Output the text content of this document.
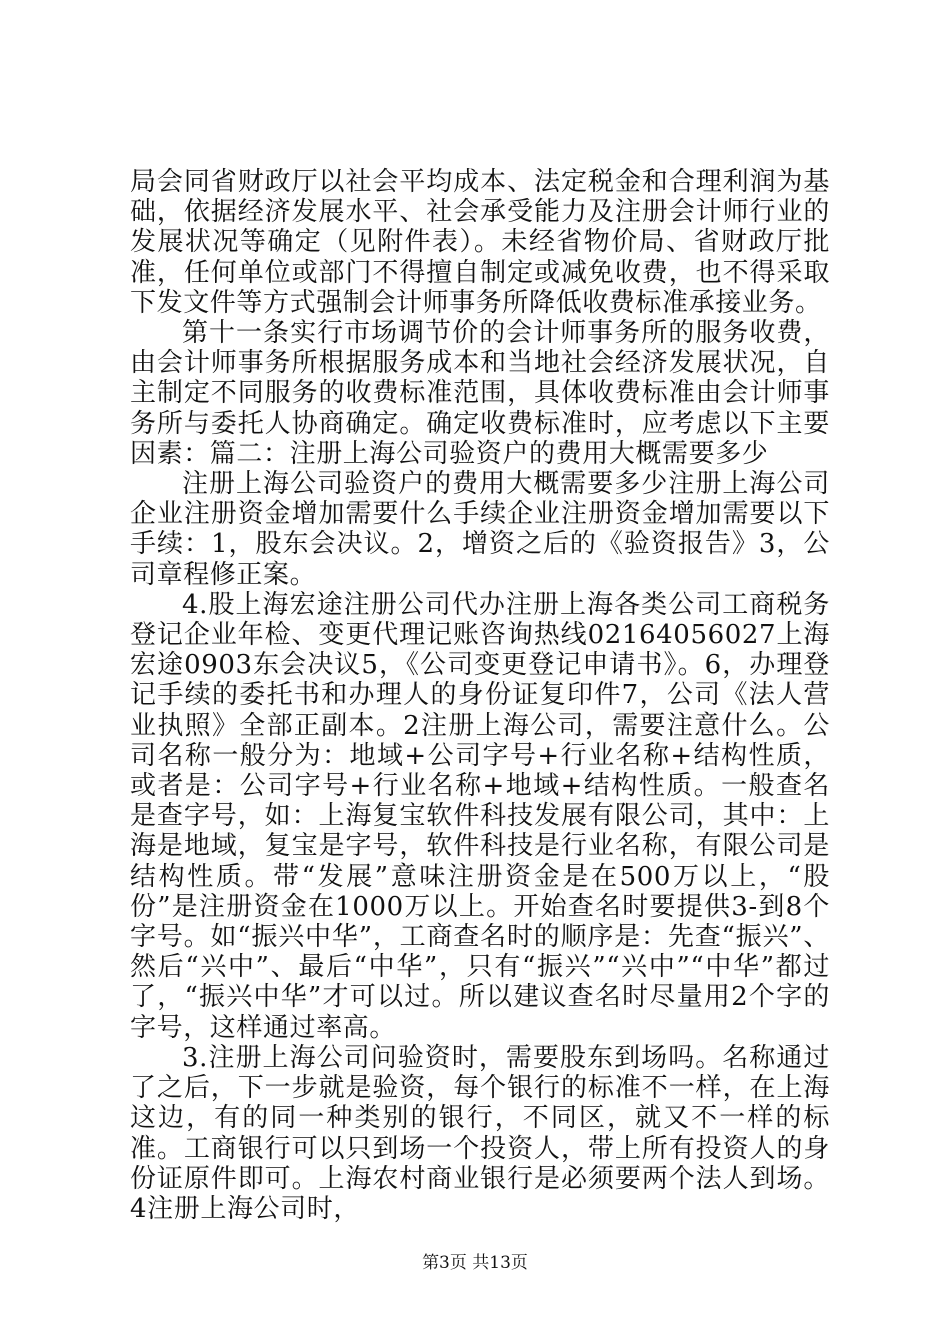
局会同省财政厅以社会平均成本、法定税金和合理利润为基础，依据经济发展水平、社会承受能力及注册会计师行业的发展状况等确定（见附件表）。未经省物价局、省财政厅批准，任何单位或部门不得擅自制定或减免收费，也不得采取下发文件等方式强制会计师事务所降低收费标准承接业务。

第十一条实行市场调节价的会计师事务所的服务收费，由会计师事务所根据服务成本和当地社会经济发展状况，自主制定不同服务的收费标准范围，具体收费标准由会计师事务所与委托人协商确定。确定收费标准时，应考虑以下主要因素：篇二：注册上海公司验资户的费用大概需要多少

注册上海公司验资户的费用大概需要多少注册上海公司企业注册资金增加需要什么手续企业注册资金增加需要以下手续：1，股东会决议。2，增资之后的《验资报告》3，公司章程修正案。

4.股上海宏途注册公司代办注册上海各类公司工商税务登记企业年检、变更代理记账咨询热线02164056027上海宏途0903东会决议5，《公司变更登记申请书》。6，办理登记手续的委托书和办理人的身份证复印件7，公司《法人营业执照》全部正副本。2注册上海公司，需要注意什么。公司名称一般分为：地域+公司字号+行业名称+结构性质，或者是：公司字号+行业名称+地域+结构性质。一般查名是查字号，如：上海复宝软件科技发展有限公司，其中：上海是地域，复宝是字号，软件科技是行业名称，有限公司是结构性质。带“发展”意味注册资金是在500万以上，“股份”是注册资金在1000万以上。开始查名时要提供3-到8个字号。如“振兴中华”，工商查名时的顺序是：先查“振兴”、然后“兴中”、最后“中华”，只有“振兴”“兴中”“中华”都过了，“振兴中华”才可以过。所以建议查名时尽量用2个字的字号，这样通过率高。

3.注册上海公司问验资时，需要股东到场吗。名称通过了之后，下一步就是验资，每个银行的标准不一样，在上海这边，有的同一种类别的银行，不同区，就又不一样的标准。工商银行可以只到场一个投资人，带上所有投资人的身份证原件即可。上海农村商业银行是必须要两个法人到场。4注册上海公司时，

第3页 共13页
